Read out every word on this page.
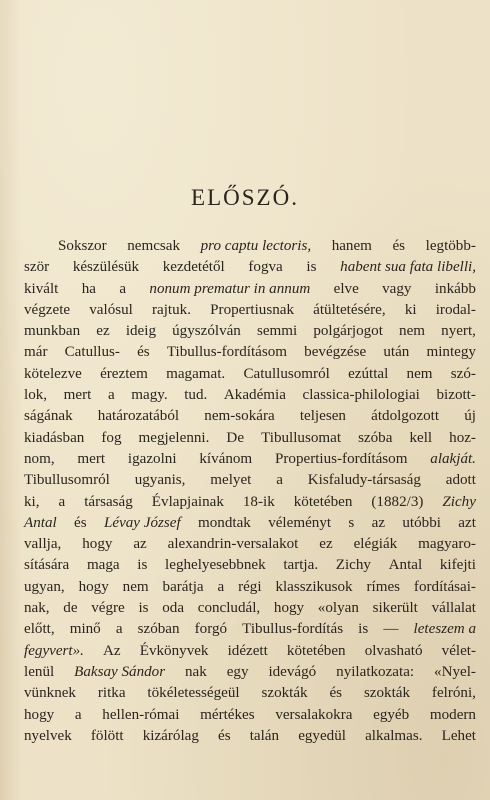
ELŐSZÓ.
Sokszor nemcsak pro captu lectoris, hanem és legtöbb-
ször készülésük kezdetétől fogva is habent sua fata libelli,
kivált ha a nonum prematur in annum elve vagy inkább
végzete valósul rajtuk. Propertiusnak átültetésére, ki irodal-
munkban ez ideig úgyszólván semmi polgárjogot nem nyert,
már Catullus- és Tibullus-fordításom bevégzése után mintegy
kötelezve éreztem magamat. Catullusomról ezúttal nem szó-
lok, mert a magy. tud. Akadémia classica-philologiai bizott-
ságának határozatából nem-sokára teljesen átdolgozott új
kiadásban fog megjelenni. De Tibullusomat szóba kell hoz-
nom, mert igazolni kívánom Propertius-fordításom alakját.
Tibullusomról ugyanis, melyet a Kisfaludy-társaság adott
ki, a társaság Évlapjainak 18-ik kötetében (1882/3) Zichy
Antal és Lévay József mondtak véleményt s az utóbbi azt
vallja, hogy az alexandrin-versalakot ez elégiák magyaro-
sítására maga is leghelyesebbnek tartja. Zichy Antal kifejti
ugyan, hogy nem barátja a régi klasszikusok rímes fordításai-
nak, de végre is oda concludál, hogy «olyan sikerült vállalat
előtt, minő a szóban forgó Tibullus-fordítás is — leteszem a
fegyvert». Az Évkönyvek idézett kötetében olvasható vélet-
lenül Baksay Sándor nak egy idevágó nyilatkozata: «Nyel-
vünknek ritka tökéletességeül szokták és szokták felróni,
hogy a hellen-római mértékes versalakokra egyéb modern
nyelvek fölött kizárólag és talán egyedül alkalmas. Lehet
